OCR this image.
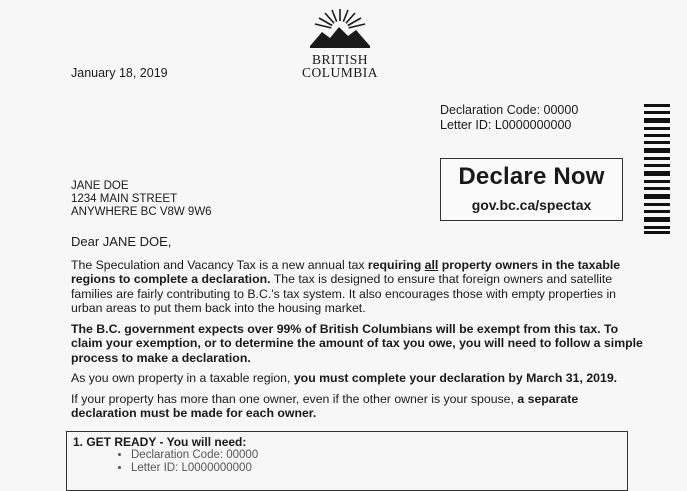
BRITISH
COLUMBIA
January 18, 2019
Declaration Code: 00000
Letter ID: L0000000000
Declare Now
gov.bc.ca/spectax
JANE DOE
1234 MAIN STREET
ANYWHERE BC V8W 9W6

Dear JANE DOE,

The Speculation and Vacancy Tax is a new annual tax requiring all property owners in the taxable regions to complete a declaration. The tax is designed to ensure that foreign owners and satellite families are fairly contributing to B.C.'s tax system. It also encourages those with empty properties in urban areas to put them back into the housing market.

The B.C. government expects over 99% of British Columbians will be exempt from this tax. To claim your exemption, or to determine the amount of tax you owe, you will need to follow a simple process to make a declaration.

As you own property in a taxable region, you must complete your declaration by March 31, 2019.

If your property has more than one owner, even if the other owner is your spouse, a separate declaration must be made for each owner.

1. GET READY - You will need:
• Declaration Code: 00000
• Letter ID: L0000000000
